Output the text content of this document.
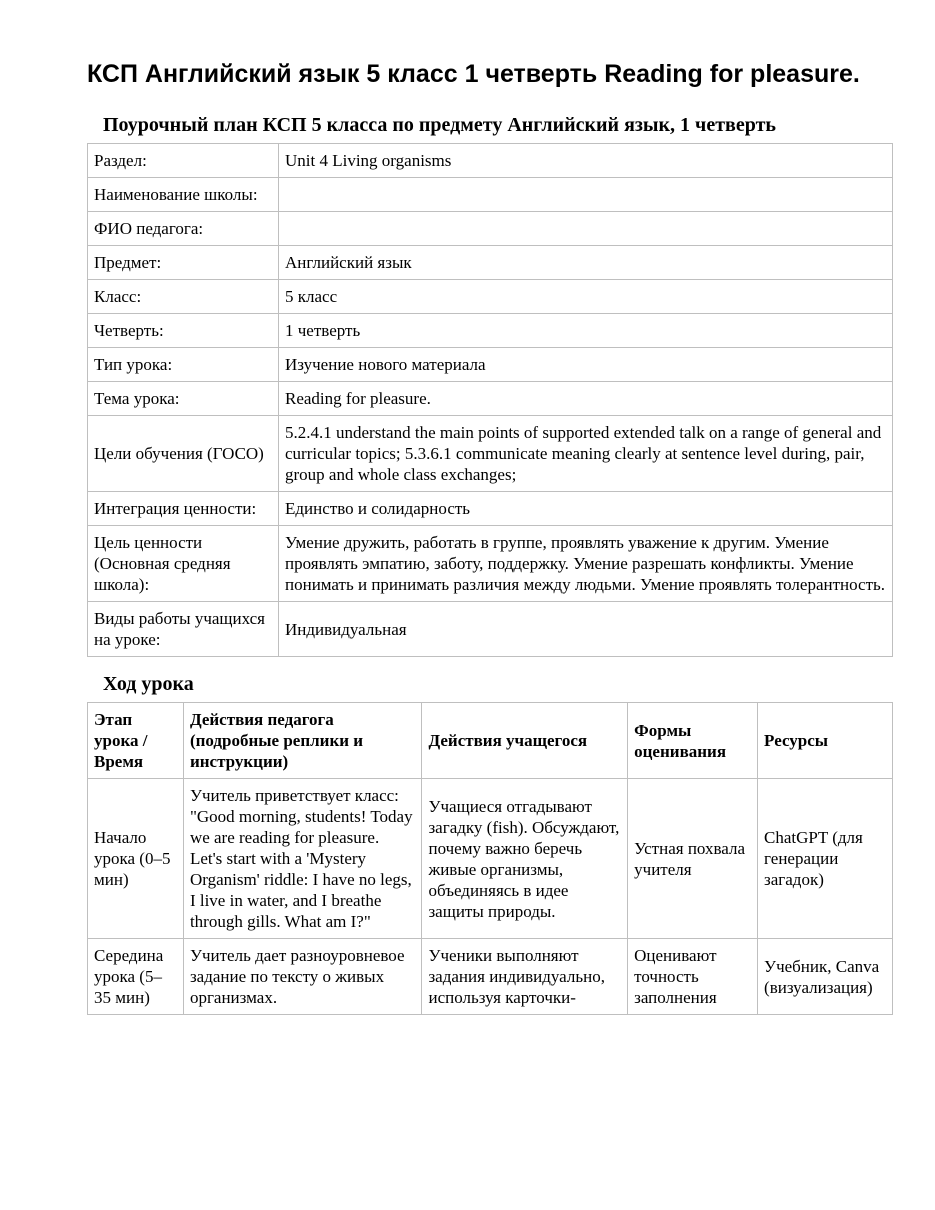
КСП Английский язык 5 класс 1 четверть Reading for pleasure.
Поурочный план КСП 5 класса по предмету Английский язык, 1 четверть
Раздел:	Unit 4 Living organisms
Наименование школы:	
ФИО педагога:	
Предмет:	Английский язык
Класс:	5 класс
Четверть:	1 четверть
Тип урока:	Изучение нового материала
Тема урока:	Reading for pleasure.
Цели обучения (ГОСО)	5.2.4.1 understand the main points of supported extended talk on a range of general and curricular topics; 5.3.6.1 communicate meaning clearly at sentence level during, pair, group and whole class exchanges;
Интеграция ценности:	Единство и солидарность
Цель ценности (Основная средняя школа):	Умение дружить, работать в группе, проявлять уважение к другим. Умение проявлять эмпатию, заботу, поддержку. Умение разрешать конфликты. Умение понимать и принимать различия между людьми. Умение проявлять толерантность.
Виды работы учащихся на уроке:	Индивидуальная
Ход урока
Этап урока / Время	Действия педагога (подробные реплики и инструкции)	Действия учащегося	Формы оценивания	Ресурсы
Начало урока (0–5 мин)	Учитель приветствует класс: "Good morning, students! Today we are reading for pleasure. Let's start with a 'Mystery Organism' riddle: I have no legs, I live in water, and I breathe through gills. What am I?"	Учащиеся отгадывают загадку (fish). Обсуждают, почему важно беречь живые организмы, объединяясь в идее защиты природы.	Устная похвала учителя	ChatGPT (для генерации загадок)
Середина урока (5–35 мин)	Учитель дает разноуровневое задание по тексту о живых организмах.	Ученики выполняют задания индивидуально, используя карточки-	Оценивают точность заполнения	Учебник, Canva (визуализация)
